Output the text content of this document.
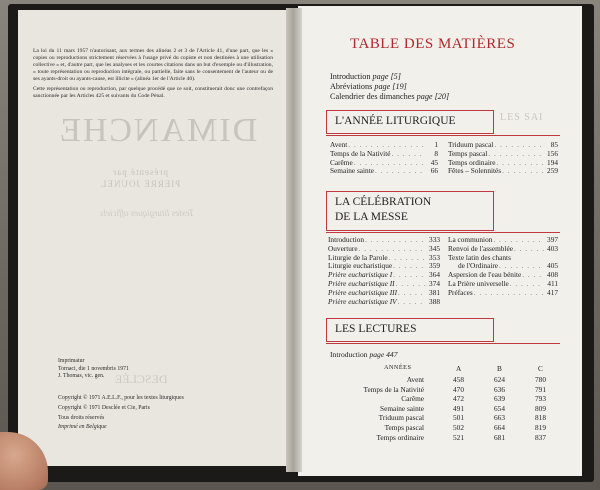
La loi du 11 mars 1957 n'autorisant, aux termes des alinéas 2 et 3 de l'Article 41, d'une part, que les « copies ou reproductions strictement réservées à l'usage privé du copiste et non destinées à une utilisation collective » et, d'autre part, que les analyses et les courtes citations dans un but d'exemple ou d'illustration, « toute représentation ou reproduction intégrale, ou partielle, faite sans le consentement de l'auteur ou de ses ayants-droit ou ayants-cause, est illicite » (alinéa 1er de l'Article 40).

Cette représentation ou reproduction, par quelque procédé que ce soit, constituerait donc une contrefaçon sanctionnée par les Articles 425 et suivants du Code Pénal.

DIMANCHE
présenté par
PIERRE JOUNEL
Textes liturgiques officiels
DESCLÉE
Imprimatur
Tornaci, die 1 novembris 1971
J. Thomas, vic. gen.
Copyright © 1971 A.E.L.F., pour les textes liturgiques
Copyright © 1971 Desclée et Cie, Paris
Tous droits réservés
Imprimé en Belgique
TABLE DES MATIÈRES
Introduction page [5]
Abréviations page [19]
Calendrier des dimanches page [20]
L'ANNÉE LITURGIQUE	LES SAI
Avent . . .	1
Temps de la Nativité . . .	8
Carême . . .	45
Semaine sainte . . .	66
Triduum pascal . . .	85
Temps pascal . . .	156
Temps ordinaire . . .	194
Fêtes – Solennités . . .	259
LA CÉLÉBRATION
DE LA MESSE
Introduction . . .	333
Ouverture . . .	345
Liturgie de la Parole . . .	353
Liturgie eucharistique . . .	359
Prière eucharistique I . . .	364
Prière eucharistique II . . .	374
Prière eucharistique III . . .	381
Prière eucharistique IV . . .	388
La communion . . .	397
Renvoi de l'assemblée . . .	403
Texte latin des chants
de l'Ordinaire . . .	405
Aspersion de l'eau bénite . . .	408
La Prière universelle . . .	411
Préfaces . . .	417
LES LECTURES
Introduction page 447
ANNÉES	A	B	C
Avent	458	624	780
Temps de la Nativité	470	636	791
Carême	472	639	793
Semaine sainte	491	654	809
Triduum pascal	501	663	818
Temps pascal	502	664	819
Temps ordinaire	521	681	837
